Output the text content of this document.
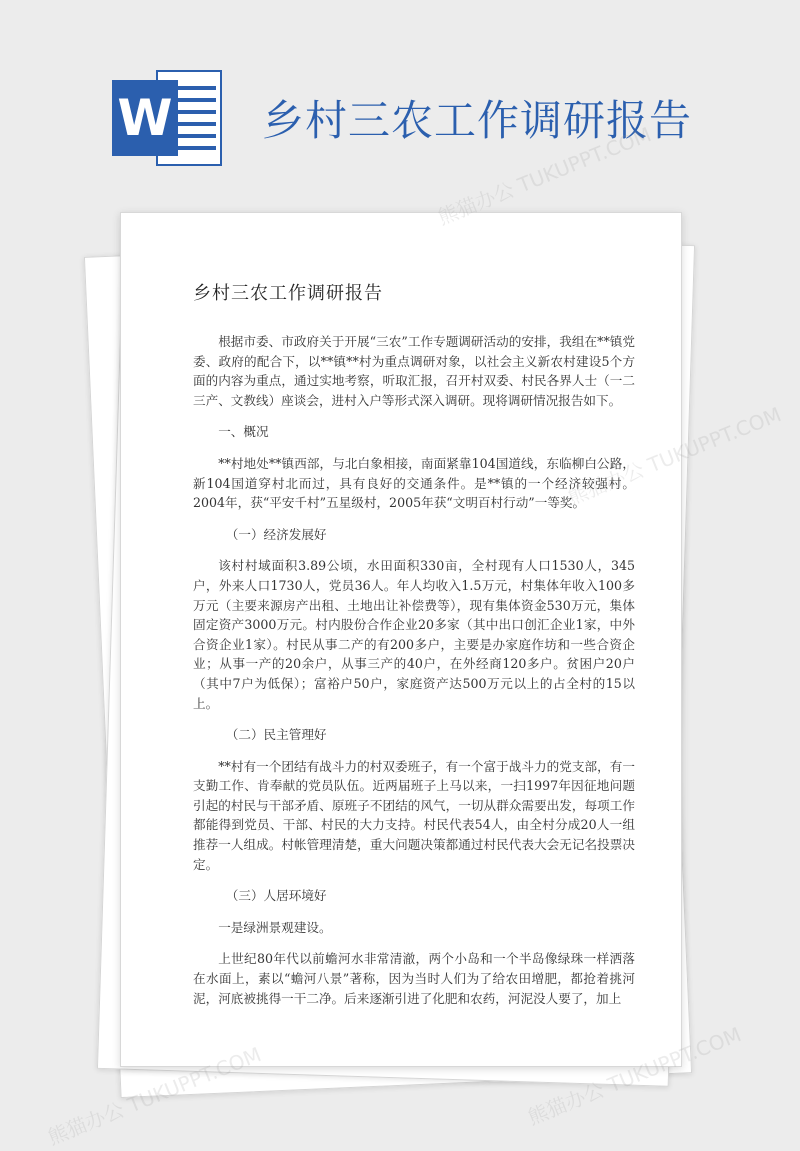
W 乡村三农工作调研报告
乡村三农工作调研报告

根据市委、市政府关于开展“三农”工作专题调研活动的安排，我组在**镇党委、政府的配合下，以**镇**村为重点调研对象，以社会主义新农村建设5个方面的内容为重点，通过实地考察，听取汇报，召开村双委、村民各界人士（一二三产、文教线）座谈会，进村入户等形式深入调研。现将调研情况报告如下。

一、概况

**村地处**镇西部，与北白象相接，南面紧靠104国道线，东临柳白公路，新104国道穿村北而过，具有良好的交通条件。是**镇的一个经济较强村。2004年，获“平安千村”五星级村，2005年获“文明百村行动”一等奖。

（一）经济发展好

该村村域面积3.89公顷，水田面积330亩，全村现有人口1530人，345户，外来人口1730人，党员36人。年人均收入1.5万元，村集体年收入100多万元（主要来源房产出租、土地出让补偿费等），现有集体资金530万元，集体固定资产3000万元。村内股份合作企业20多家（其中出口创汇企业1家，中外合资企业1家）。村民从事二产的有200多户，主要是办家庭作坊和一些合资企业；从事一产的20余户，从事三产的40户，在外经商120多户。贫困户20户（其中7户为低保）；富裕户50户，家庭资产达500万元以上的占全村的15以上。

（二）民主管理好

**村有一个团结有战斗力的村双委班子，有一个富于战斗力的党支部，有一支勤工作、肯奉献的党员队伍。近两届班子上马以来，一扫1997年因征地问题引起的村民与干部矛盾、原班子不团结的风气，一切从群众需要出发，每项工作都能得到党员、干部、村民的大力支持。村民代表54人，由全村分成20人一组推荐一人组成。村帐管理清楚，重大问题决策都通过村民代表大会无记名投票决定。

（三）人居环境好

一是绿洲景观建设。

上世纪80年代以前蟾河水非常清澈，两个小岛和一个半岛像绿珠一样洒落在水面上，素以“蟾河八景”著称，因为当时人们为了给农田增肥，都抢着挑河泥，河底被挑得一干二净。后来逐渐引进了化肥和农药，河泥没人要了，加上

熊猫办公 TUKUPPT.COM
TUKUPPT.COM
熊猫办公	熊猫办公
